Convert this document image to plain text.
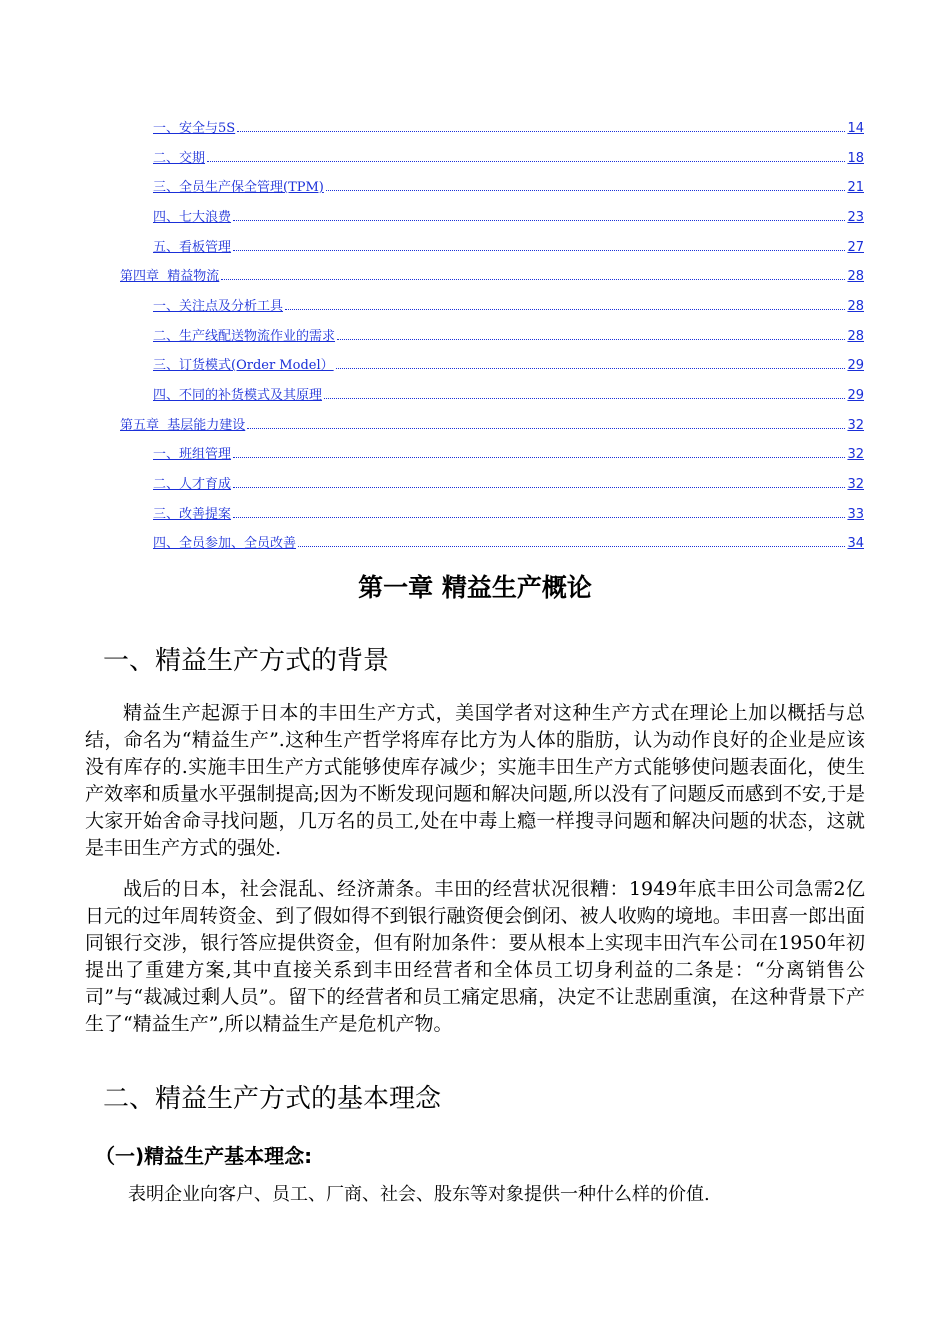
一、安全与5S	14
二、交期	18
三、全员生产保全管理(TPM)	21
四、七大浪费	23
五、看板管理	27
第四章  精益物流	28
一、关注点及分析工具	28
二、生产线配送物流作业的需求	28
三、订货模式(Order Model）	29
四、不同的补货模式及其原理	29
第五章  基层能力建设	32
一、班组管理	32
二、人才育成	32
三、改善提案	33
四、全员参加、全员改善	34
第一章 精益生产概论
一、精益生产方式的背景

精益生产起源于日本的丰田生产方式，美国学者对这种生产方式在理论上加以概括与总结，命名为“精益生产”.这种生产哲学将库存比方为人体的脂肪，认为动作良好的企业是应该没有库存的.实施丰田生产方式能够使库存减少；实施丰田生产方式能够使问题表面化，使生产效率和质量水平强制提高;因为不断发现问题和解决问题,所以没有了问题反而感到不安,于是大家开始舍命寻找问题，几万名的员工,处在中毒上瘾一样搜寻问题和解决问题的状态，这就是丰田生产方式的强处.

战后的日本，社会混乱、经济萧条。丰田的经营状况很糟：1949年底丰田公司急需2亿日元的过年周转资金、到了假如得不到银行融资便会倒闭、被人收购的境地。丰田喜一郎出面同银行交涉，银行答应提供资金，但有附加条件：要从根本上实现丰田汽车公司在1950年初提出了重建方案,其中直接关系到丰田经营者和全体员工切身利益的二条是：“分离销售公司”与“裁减过剩人员”。留下的经营者和员工痛定思痛，决定不让悲剧重演，在这种背景下产生了“精益生产”,所以精益生产是危机产物。

二、精益生产方式的基本理念
（一)精益生产基本理念:
表明企业向客户、员工、厂商、社会、股东等对象提供一种什么样的价值.
